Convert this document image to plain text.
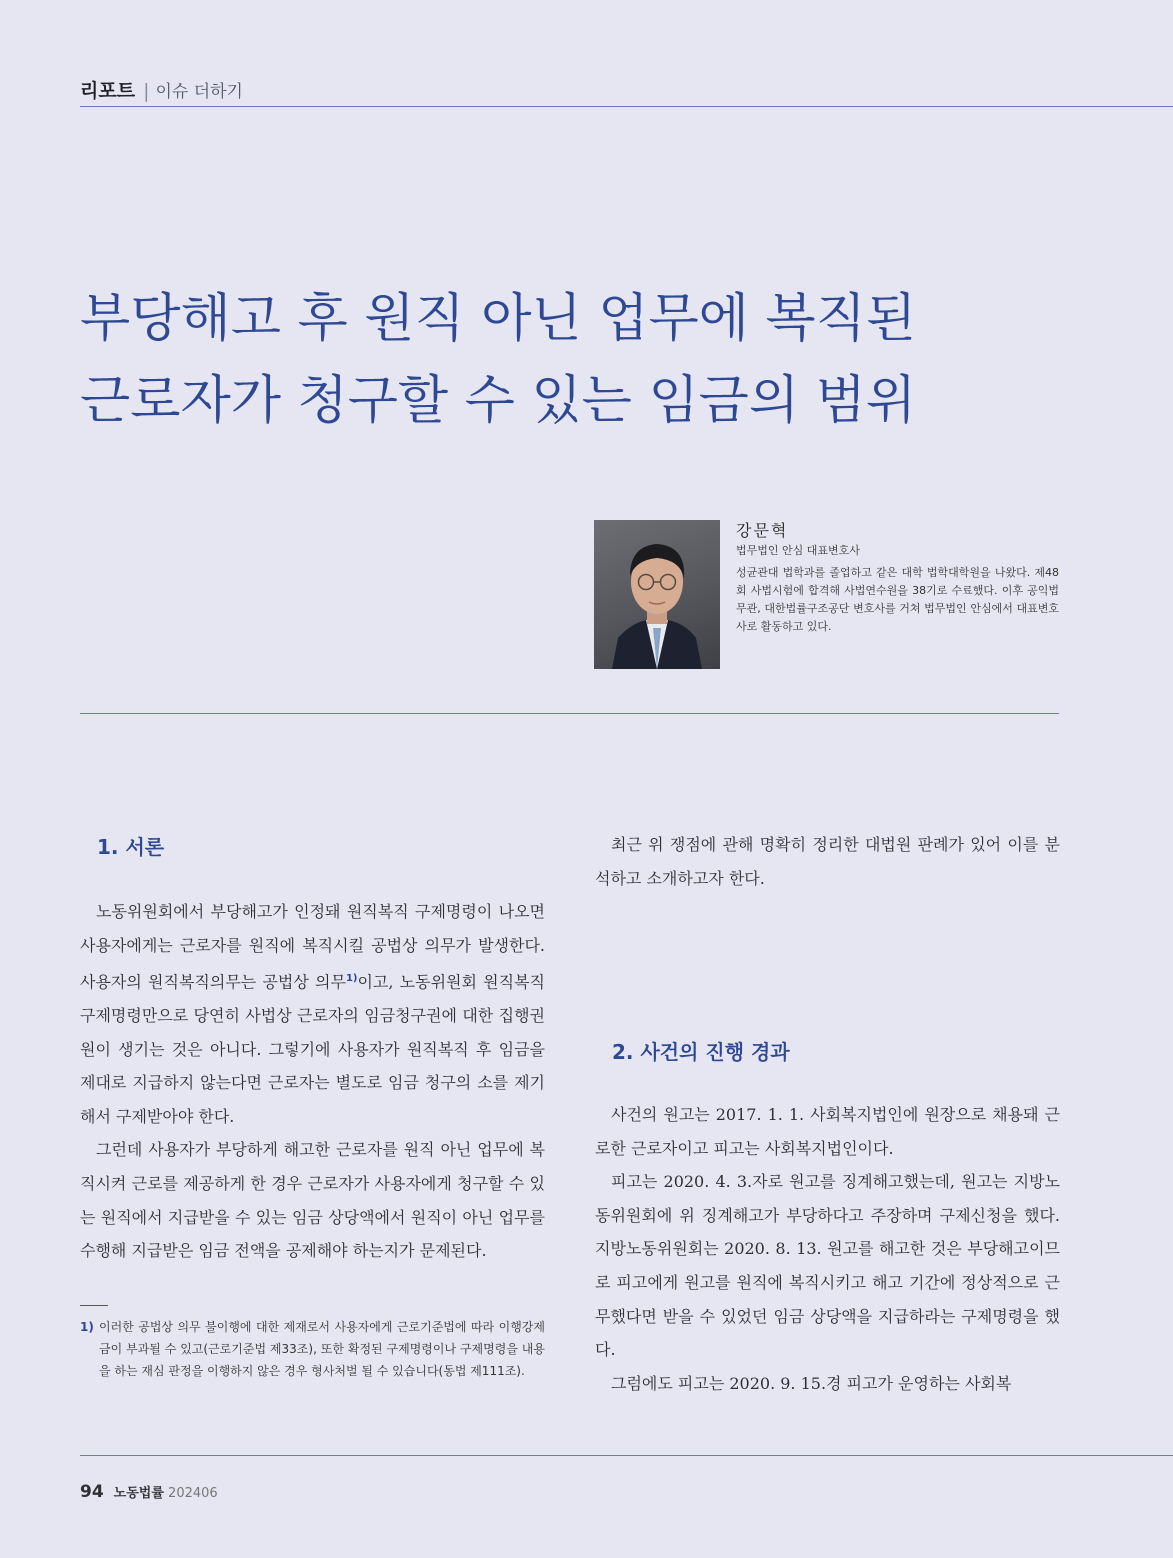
리포트 | 이슈 더하기
부당해고 후 원직 아닌 업무에 복직된
근로자가 청구할 수 있는 임금의 범위
강문혁
법무법인 안심 대표변호사
성균관대 법학과를 졸업하고 같은 대학 법학대학원을 나왔다. 제48회 사법시험에 합격해 사법연수원을 38기로 수료했다. 이후 공익법무관, 대한법률구조공단 변호사를 거쳐 법무법인 안심에서 대표변호사로 활동하고 있다.
1. 서론

노동위원회에서 부당해고가 인정돼 원직복직 구제명령이 나오면 사용자에게는 근로자를 원직에 복직시킬 공법상 의무가 발생한다. 사용자의 원직복직의무는 공법상 의무$^{1)}$이고, 노동위원회 원직복직 구제명령만으로 당연히 사법상 근로자의 임금청구권에 대한 집행권원이 생기는 것은 아니다. 그렇기에 사용자가 원직복직 후 임금을 제대로 지급하지 않는다면 근로자는 별도로 임금 청구의 소를 제기해서 구제받아야 한다.

그런데 사용자가 부당하게 해고한 근로자를 원직 아닌 업무에 복직시켜 근로를 제공하게 한 경우 근로자가 사용자에게 청구할 수 있는 원직에서 지급받을 수 있는 임금 상당액에서 원직이 아닌 업무를 수행해 지급받은 임금 전액을 공제해야 하는지가 문제된다.

최근 위 쟁점에 관해 명확히 정리한 대법원 판례가 있어 이를 분석하고 소개하고자 한다.

2. 사건의 진행 경과

사건의 원고는 2017. 1. 1. 사회복지법인에 원장으로 채용돼 근로한 근로자이고 피고는 사회복지법인이다.

피고는 2020. 4. 3.자로 원고를 징계해고했는데, 원고는 지방노동위원회에 위 징계해고가 부당하다고 주장하며 구제신청을 했다. 지방노동위원회는 2020. 8. 13. 원고를 해고한 것은 부당해고이므로 피고에게 원고를 원직에 복직시키고 해고 기간에 정상적으로 근무했다면 받을 수 있었던 임금 상당액을 지급하라는 구제명령을 했다.

그럼에도 피고는 2020. 9. 15.경 피고가 운영하는 사회복

1) 이러한 공법상 의무 불이행에 대한 제재로서 사용자에게 근로기준법에 따라 이행강제금이 부과될 수 있고(근로기준법 제33조), 또한 확정된 구제명령이나 구제명령을 내용을 하는 재심 판정을 이행하지 않은 경우 형사처벌 될 수 있습니다(동법 제111조).
94 노동법률 202406
